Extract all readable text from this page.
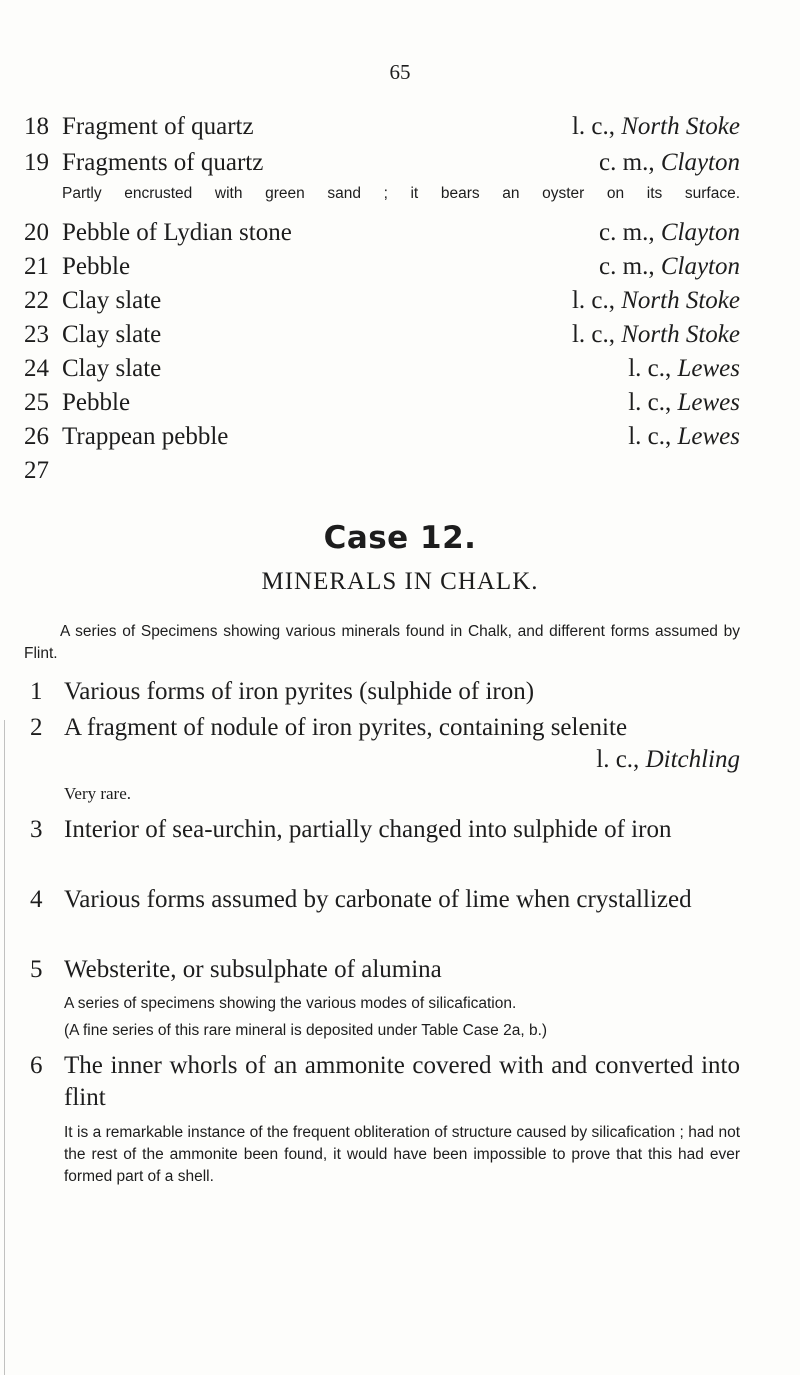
65
18 Fragment of quartz	l. c., North Stoke
19 Fragments of quartz	c. m., Clayton
Partly encrusted with green sand ; it bears an oyster on its surface.
20 Pebble of Lydian stone	c. m., Clayton
21 Pebble	c. m., Clayton
22 Clay slate	l. c., North Stoke
23 Clay slate	l. c., North Stoke
24 Clay slate	l. c., Lewes
25 Pebble	l. c., Lewes
26 Trappean pebble	l. c., Lewes
27
Case 12.
MINERALS IN CHALK.
A series of Specimens showing various minerals found in Chalk, and different forms assumed by Flint.
1 Various forms of iron pyrites (sulphide of iron)
2 A fragment of nodule of iron pyrites, containing selenite
l. c., Ditchling
Very rare.
3 Interior of sea-urchin, partially changed into sulphide of iron
4 Various forms assumed by carbonate of lime when crystallized
5 Websterite, or subsulphate of alumina
A series of specimens showing the various modes of silicafication.
(A fine series of this rare mineral is deposited under Table Case 2a, b.)
6 The inner whorls of an ammonite covered with and converted into flint
It is a remarkable instance of the frequent obliteration of structure caused by silicafication ; had not the rest of the ammonite been found, it would have been impossible to prove that this had ever formed part of a shell.
